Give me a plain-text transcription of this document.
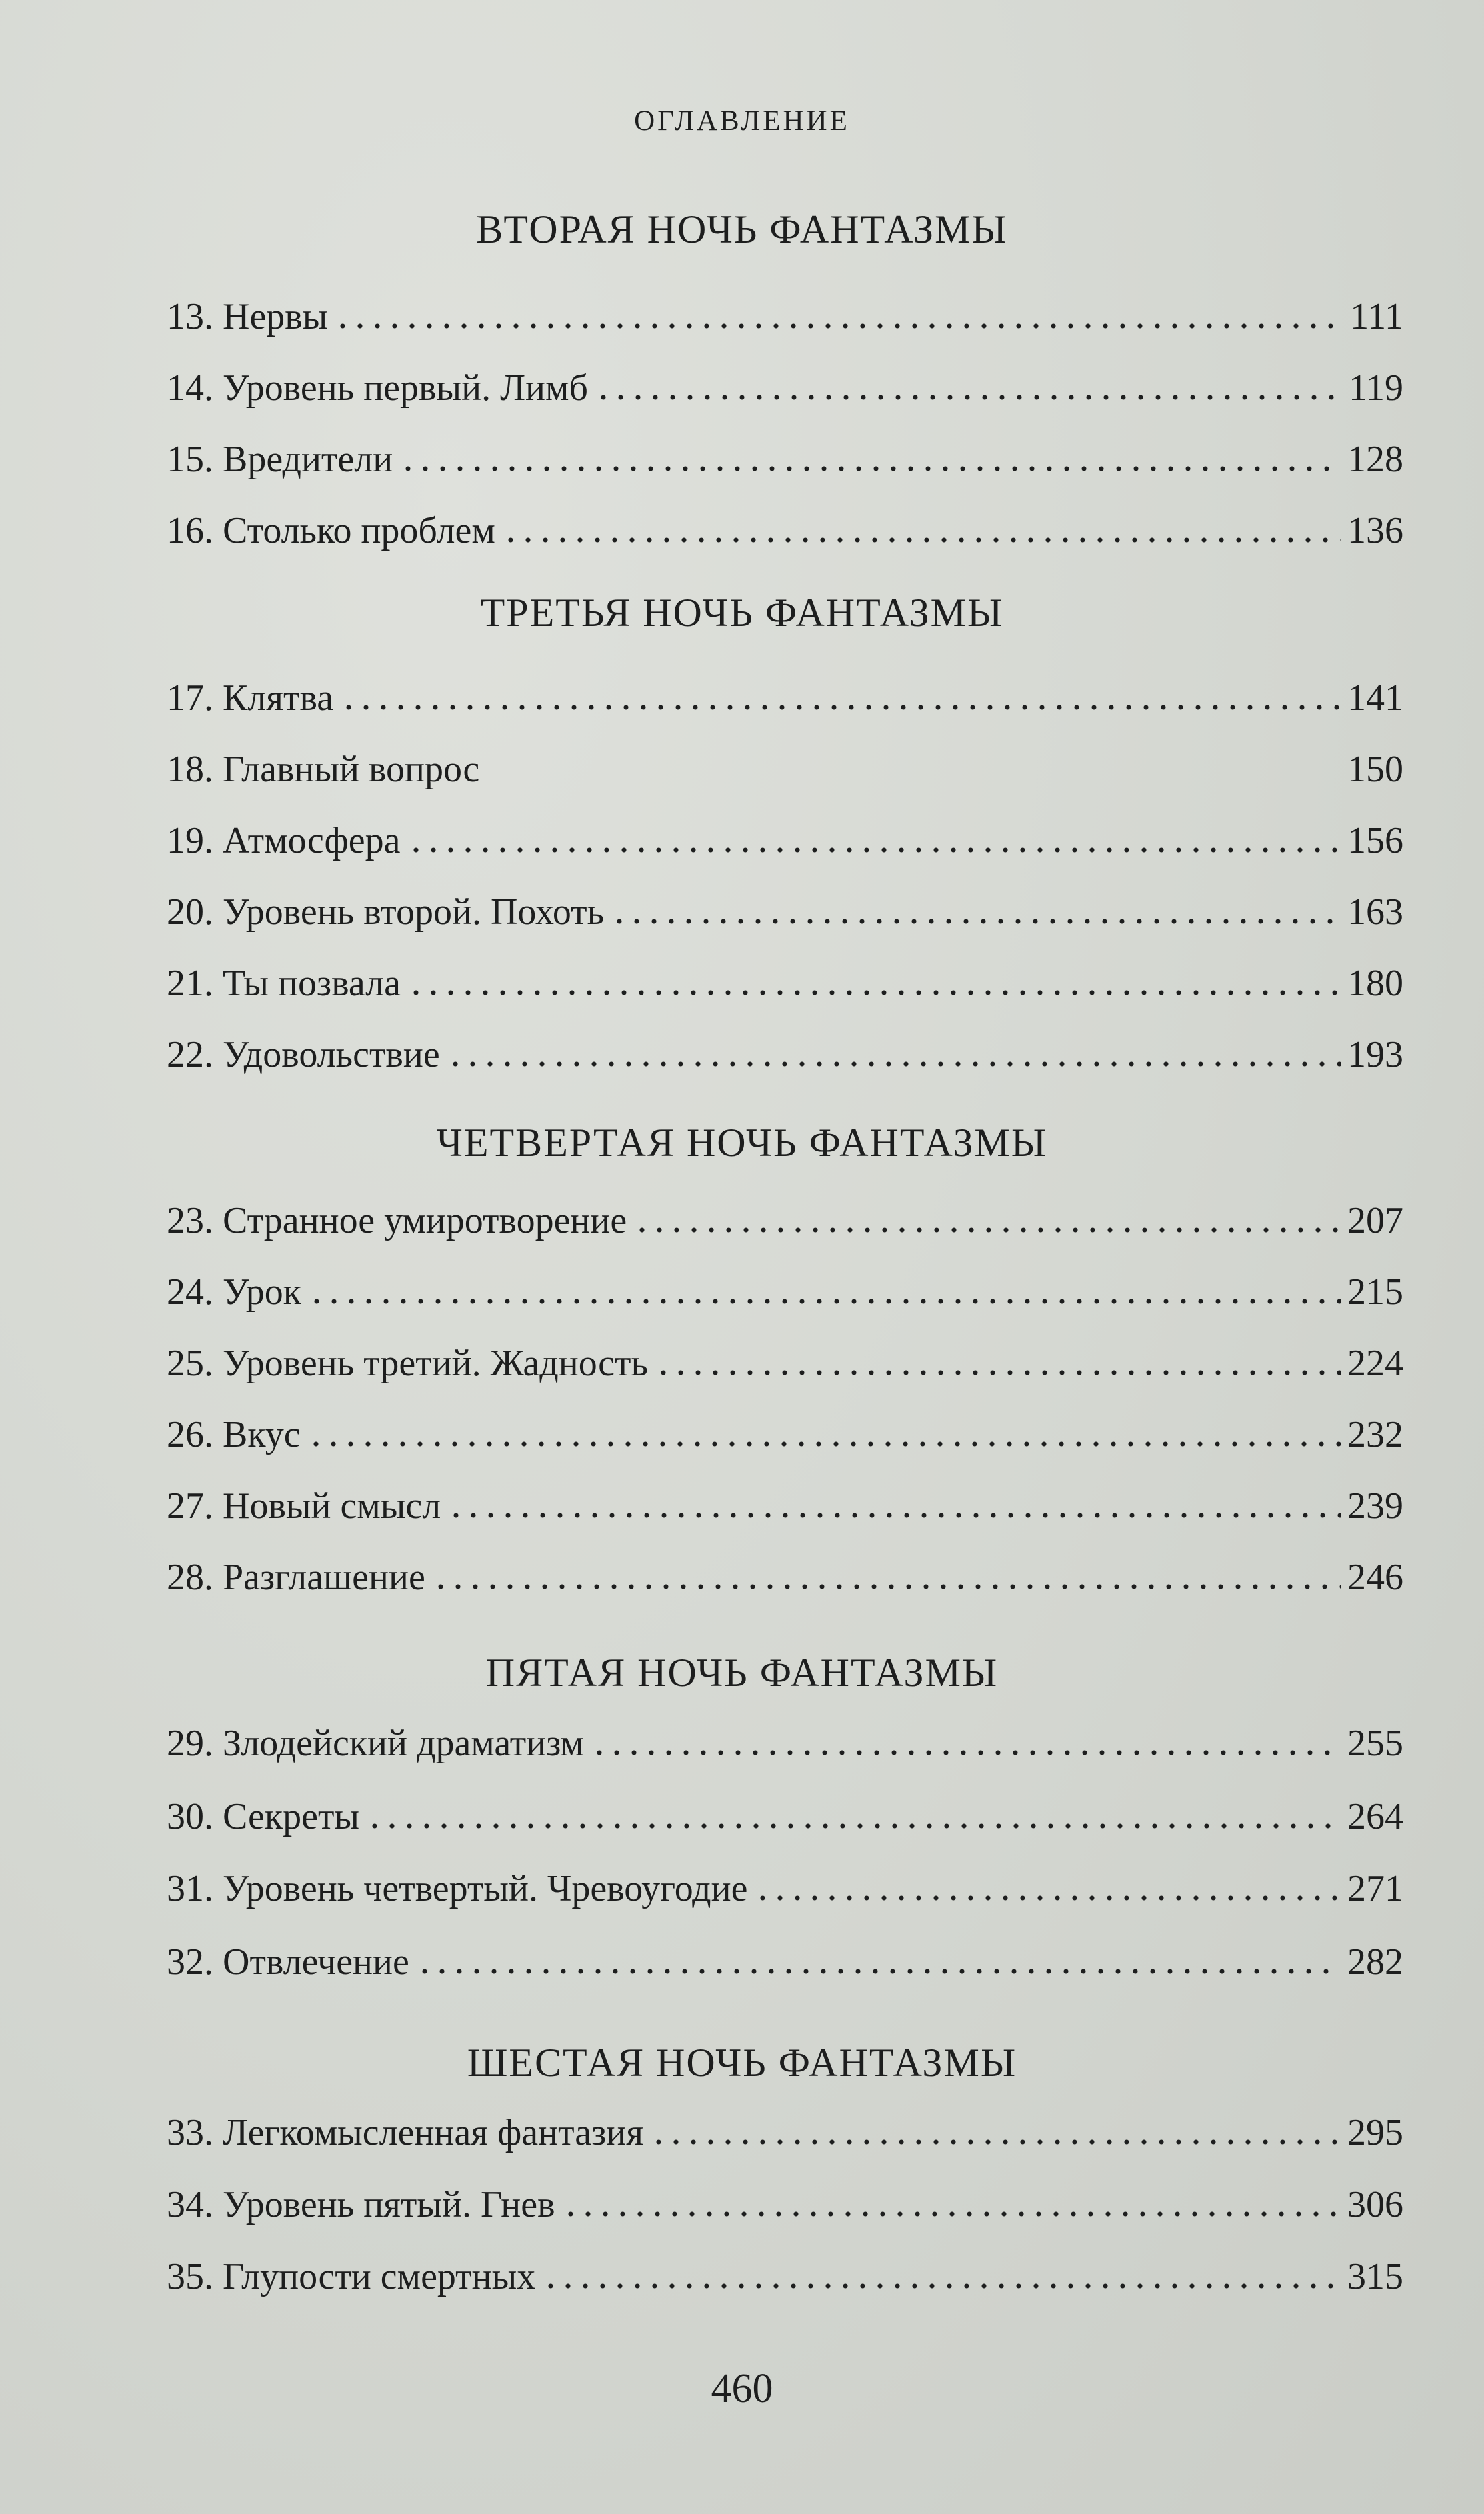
оглавление
ВТОРАЯ НОЧЬ ФАНТАЗМЫ
13. Нервы	111
14. Уровень первый. Лимб	119
15. Вредители	128
16. Столько проблем	136
ТРЕТЬЯ НОЧЬ ФАНТАЗМЫ
17. Клятва	141
18. Главный вопрос	150
19. Атмосфера	156
20. Уровень второй. Похоть	163
21. Ты позвала	180
22. Удовольствие	193
ЧЕТВЕРТАЯ НОЧЬ ФАНТАЗМЫ
23. Странное умиротворение	207
24. Урок	215
25. Уровень третий. Жадность	224
26. Вкус	232
27. Новый смысл	239
28. Разглашение	246
ПЯТАЯ НОЧЬ ФАНТАЗМЫ
29. Злодейский драматизм	255
30. Секреты	264
31. Уровень четвертый. Чревоугодие	271
32. Отвлечение	282
ШЕСТАЯ НОЧЬ ФАНТАЗМЫ
33. Легкомысленная фантазия	295
34. Уровень пятый. Гнев	306
35. Глупости смертных	315
460
